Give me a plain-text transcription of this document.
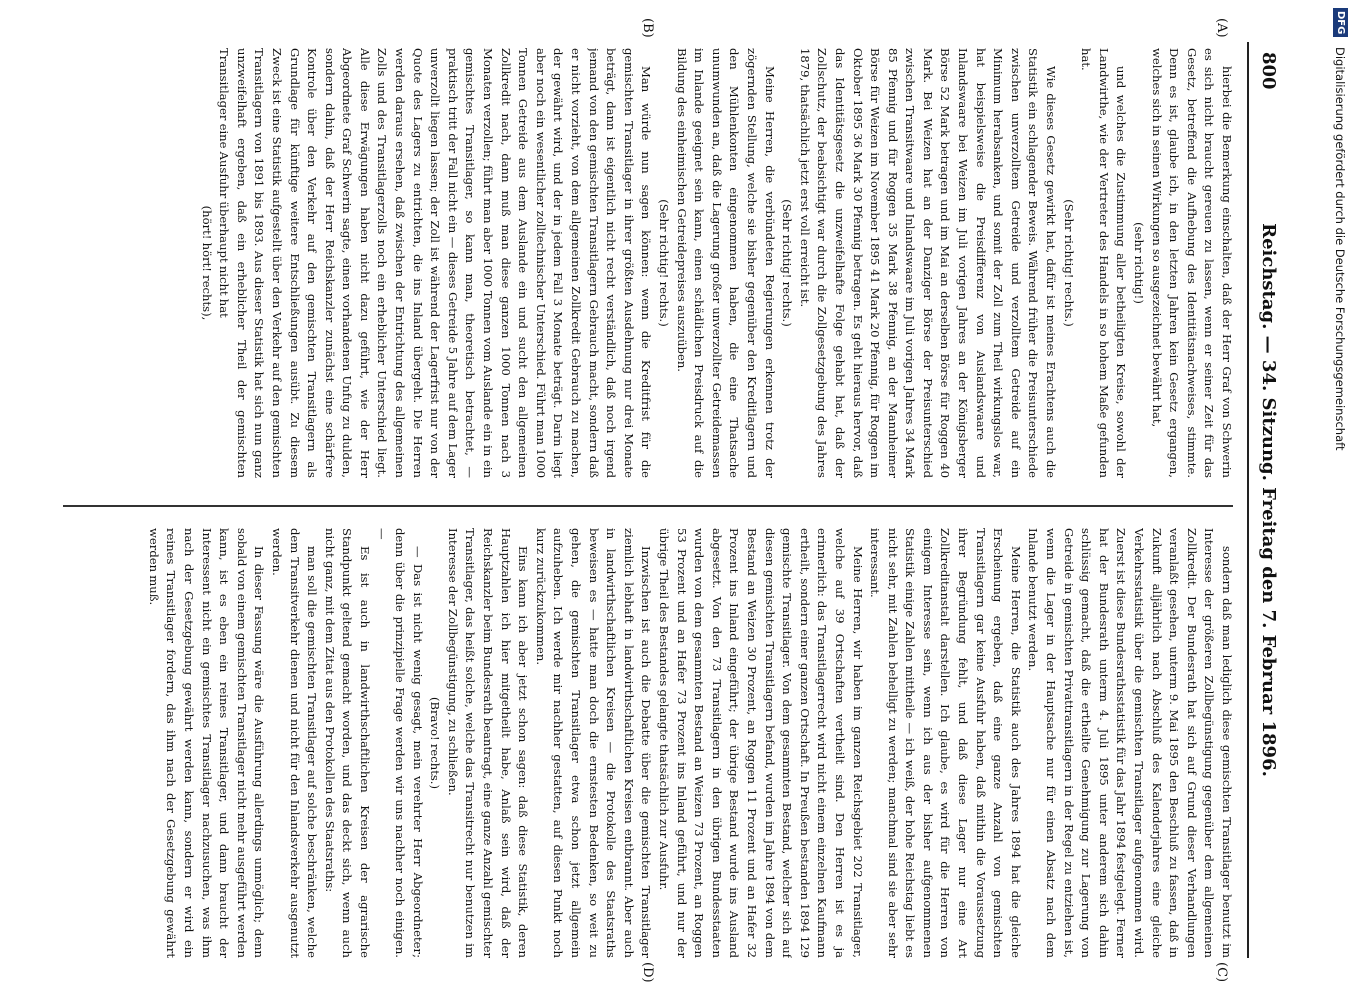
800
Reichstag. — 34. Sitzung. Freitag den 7. Februar 1896.
(A)
(B)
(C)
(D)

hierbei die Bemerkung einschalten, daß der Herr Graf von Schwerin es sich nicht braucht gereuen zu lassen, wenn er seiner Zeit für das Gesetz, betreffend die Aufhebung des Identitätsnachweises, stimmte. Denn es ist, glaube ich, in den letzten Jahren kein Gesetz ergangen, welches sich in seinen Wirkungen so ausgezeichnet bewährt hat,

(sehr richtig!)

und welches die Zustimmung aller betheiligten Kreise, sowohl der Landwirthe, wie der Vertreter des Handels in so hohem Maße gefunden hat.

(Sehr richtig! rechts.)

Wie dieses Gesetz gewirkt hat, dafür ist meines Erachtens auch die Statistik ein schlagender Beweis. Während früher die Preisunterschiede zwischen unverzolltem Getreide und verzolltem Getreide auf ein Minimum herabsanken, und somit der Zoll zum Theil wirkungslos war, hat beispielsweise die Preisdifferenz von Auslandswaare und Inlandswaare bei Weizen im Juli vorigen Jahres an der Königsberger Börse 52 Mark betragen und im Mai an derselben Börse für Roggen 40 Mark. Bei Weizen hat an der Danziger Börse der Preisunterschied zwischen Transitwaare und Inlandswaare im Juli vorigen Jahres 34 Mark 85 Pfennig und für Roggen 35 Mark 38 Pfennig, an der Mannheimer Börse für Weizen im November 1895 41 Mark 20 Pfennig, für Roggen im Oktober 1895 36 Mark 30 Pfennig betragen. Es geht hieraus hervor, daß das Identitätsgesetz die unzweifelhafte Folge gehabt hat, daß der Zollschutz, der beabsichtigt war durch die Zollgesetzgebung des Jahres 1879, thatsächlich jetzt erst voll erreicht ist.

(Sehr richtig! rechts.)

Meine Herren, die verbündeten Regierungen erkennen trotz der zögernden Stellung, welche sie bisher gegenüber den Kreditlagern und den Mühlenkonten eingenommen haben, die eine Thatsache unumwunden an, daß die Lagerung großer unverzollter Getreidemassen im Inlande geeignet sein kann, einen schädlichen Preisdruck auf die Bildung des einheimischen Getreidepreises auszuüben.

(Sehr richtig! rechts.)

Man würde nun sagen können: wenn die Kreditfrist für die gemischten Transitlager in ihrer größten Ausdehnung nur drei Monate beträgt, dann ist eigentlich nicht recht verständlich, daß noch irgend jemand von den gemischten Transitlagern Gebrauch macht, sondern daß er nicht vorzieht, von dem allgemeinen Zollkredit Gebrauch zu machen, der gewährt wird, und der in jedem Fall 3 Monate beträgt. Darin liegt aber noch ein wesentlicher zolltechnischer Unterschied. Führt man 1000 Tonnen Getreide aus dem Auslande ein und sucht den allgemeinen Zollkredit nach, dann muß man diese ganzen 1000 Tonnen nach 3 Monaten verzollen; führt man aber 1000 Tonnen vom Auslande ein in ein gemischtes Transitlager, so kann man, theoretisch betrachtet, — praktisch tritt der Fall nicht ein — dieses Getreide 5 Jahre auf dem Lager unverzollt liegen lassen; der Zoll ist während der Lagerfrist nur von der Quote des Lagers zu entrichten, die ins Inland übergeht. Die Herren werden daraus ersehen, daß zwischen der Entrichtung des allgemeinen Zolls und des Transitlagerzolls noch ein erheblicher Unterschied liegt. Alle diese Erwägungen haben nicht dazu geführt, wie der Herr Abgeordnete Graf Schwerin sagte, einen vorhandenen Unfug zu dulden, sondern dahin, daß der Herr Reichskanzler zunächst eine schärfere Kontrole über den Verkehr auf den gemischten Transitlagern als Grundlage für künftige weitere Entschließungen ausübt. Zu diesem Zweck ist eine Statistik aufgestellt über den Verkehr auf den gemischten Transitlagern von 1891 bis 1893. Aus dieser Statistik hat sich nun ganz unzweifelhaft ergeben, daß ein erheblicher Theil der gemischten Transitlager eine Ausfuhr überhaupt nicht hat

(hört! hört! rechts),

sondern daß man lediglich diese gemischten Transitlager benutzt im Interesse der größeren Zollbegünstigung gegenüber dem allgemeinen Zollkredit. Der Bundesrath hat sich auf Grund dieser Verhandlungen veranlaßt gesehen, unterm 9. Mai 1895 den Beschluß zu fassen, daß in Zukunft alljährlich nach Abschluß des Kalenderjahres eine gleiche Verkehrsstatistik über die gemischten Transitlager aufgenommen wird. Zuerst ist diese Bundesrathsstatistik für das Jahr 1894 festgelegt. Ferner hat der Bundesrath unterm 4. Juli 1895 unter anderem sich dahin schlüssig gemacht, daß die ertheilte Genehmigung zur Lagerung von Getreide in gemischten Privattransitlagern in der Regel zu entziehen ist, wenn die Lager in der Hauptsache nur für einen Absatz nach dem Inlande benutzt werden.

Meine Herren, die Statistik auch des Jahres 1894 hat die gleiche Erscheinung ergeben, daß eine ganze Anzahl von gemischten Transitlagern gar keine Ausfuhr haben, daß mithin die Voraussetzung ihrer Begründung fehlt, und daß diese Lager nur eine Art Zollkreditanstalt darstellen. Ich glaube, es wird für die Herren von einigem Interesse sein, wenn ich aus der bisher aufgenommenen Statistik einige Zahlen mittheile — ich weiß, der hohe Reichstag liebt es nicht sehr, mit Zahlen behelligt zu werden; manchmal sind sie aber sehr interessant.

Meine Herren, wir haben im ganzen Reichsgebiet 202 Transitlager, welche auf 39 Ortschaften vertheilt sind. Den Herren ist es ja erinnerlich: das Transitlagerrecht wird nicht einem einzelnen Kaufmann ertheilt, sondern einer ganzen Ortschaft. In Preußen bestanden 1894 129 gemischte Transitlager. Von dem gesammten Bestand, welcher sich auf diesen gemischten Transitlagern befand, wurden im Jahre 1894 von dem Bestand an Weizen 30 Prozent, an Roggen 11 Prozent und an Hafer 32 Prozent ins Inland eingeführt; der übrige Bestand wurde ins Ausland abgesetzt. Von den 73 Transitlagern in den übrigen Bundesstaaten wurden von dem gesammten Bestand an Weizen 73 Prozent, an Roggen 53 Prozent und an Hafer 73 Prozent ins Inland geführt, und nur der übrige Theil des Bestandes gelangte thatsächlich zur Ausfuhr.

Inzwischen ist auch die Debatte über die gemischten Transitlager ziemlich lebhaft in landwirthschaftlichen Kreisen entbrannt. Aber auch in landwirthschaftlichen Kreisen — die Protokolle des Staatsraths beweisen es — hatte man doch die ernstesten Bedenken, so weit zu gehen, die gemischten Transitlager etwa schon jetzt allgemein aufzuheben. Ich werde mir nachher gestatten, auf diesen Punkt noch kurz zurückzukommen.

Eins kann ich aber jetzt schon sagen: daß diese Statistik, deren Hauptzahlen ich hier mitgetheilt habe, Anlaß sein wird, daß der Reichskanzler beim Bundesrath beantragt, eine ganze Anzahl gemischter Transitlager, das heißt solche, welche das Transitrecht nur benutzen im Interesse der Zollbegünstigung, zu schließen.

(Bravo! rechts.)

— Das ist nicht wenig gesagt, mein verehrter Herr Abgeordneter; denn über die prinzipielle Frage werden wir uns nachher noch einigen. —

Es ist auch in landwirthschaftlichen Kreisen der agrarische Standpunkt geltend gemacht worden, und das deckt sich, wenn auch nicht ganz, mit dem Zitat aus den Protokollen des Staatsraths:

man soll die gemischten Transitlager auf solche beschränken, welche dem Transitverkehr dienen und nicht für den Inlandsverkehr ausgenutzt werden.

In dieser Fassung wäre die Ausführung allerdings unmöglich; denn sobald von einem gemischten Transitlager nicht mehr ausgeführt werden kann, ist es eben ein reines Transitlager, und dann braucht der Interessent nicht ein gemischtes Transitlager nachzusuchen, was ihm nach der Gesetzgebung gewährt werden kann, sondern er wird ein reines Transitlager fordern, das ihm nach der Gesetzgebung gewährt werden muß.

DFG Digitalisierung gefördert durch die Deutsche Forschungsgemeinschaft
